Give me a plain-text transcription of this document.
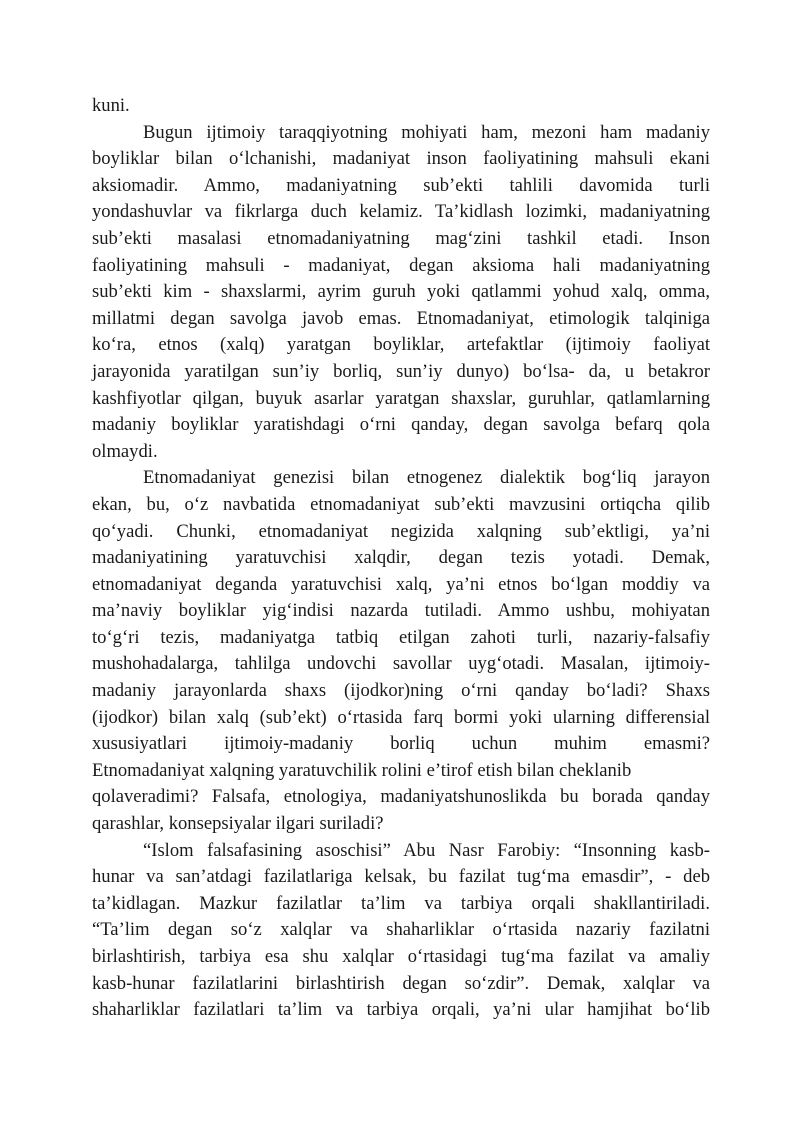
kuni.
Bugun ijtimoiy taraqqiyotning mohiyati ham, mezoni ham madaniy
boyliklar bilan o‘lchanishi, madaniyat inson faoliyatining mahsuli ekani
aksiomadir. Ammo, madaniyatning sub’ekti tahlili davomida turli
yondashuvlar va fikrlarga duch kelamiz. Ta’kidlash lozimki, madaniyatning
sub’ekti masalasi etnomadaniyatning mag‘zini tashkil etadi. Inson
faoliyatining mahsuli - madaniyat, degan aksioma hali madaniyatning
sub’ekti kim - shaxslarmi, ayrim guruh yoki qatlammi yohud xalq, omma,
millatmi degan savolga javob emas. Etnomadaniyat, etimologik talqiniga
ko‘ra, etnos (xalq) yaratgan boyliklar, artefaktlar (ijtimoiy faoliyat
jarayonida yaratilgan sun’iy borliq, sun’iy dunyo) bo‘lsa- da, u betakror
kashfiyotlar qilgan, buyuk asarlar yaratgan shaxslar, guruhlar, qatlamlarning
madaniy boyliklar yaratishdagi o‘rni qanday, degan savolga befarq qola
olmaydi.
Etnomadaniyat genezisi bilan etnogenez dialektik bog‘liq jarayon
ekan, bu, o‘z navbatida etnomadaniyat sub’ekti mavzusini ortiqcha qilib
qo‘yadi. Chunki, etnomadaniyat negizida xalqning sub’ektligi, ya’ni
madaniyatining yaratuvchisi xalqdir, degan tezis yotadi. Demak,
etnomadaniyat deganda yaratuvchisi xalq, ya’ni etnos bo‘lgan moddiy va
ma’naviy boyliklar yig‘indisi nazarda tutiladi. Ammo ushbu, mohiyatan
to‘g‘ri tezis, madaniyatga tatbiq etilgan zahoti turli, nazariy-falsafiy
mushohadalarga, tahlilga undovchi savollar uyg‘otadi. Masalan, ijtimoiy-
madaniy jarayonlarda shaxs (ijodkor)ning o‘rni qanday bo‘ladi? Shaxs
(ijodkor) bilan xalq (sub’ekt) o‘rtasida farq bormi yoki ularning differensial
xususiyatlari ijtimoiy-madaniy borliq uchun muhim emasmi?
Etnomadaniyat xalqning yaratuvchilik rolini e’tirof etish bilan cheklanib
qolaveradimi? Falsafa, etnologiya, madaniyatshunoslikda bu borada qanday
qarashlar, konsepsiyalar ilgari suriladi?
“Islom falsafasining asoschisi” Abu Nasr Farobiy: “Insonning kasb-
hunar va san’atdagi fazilatlariga kelsak, bu fazilat tug‘ma emasdir”, - deb
ta’kidlagan. Mazkur fazilatlar ta’lim va tarbiya orqali shakllantiriladi.
“Ta’lim degan so‘z xalqlar va shaharliklar o‘rtasida nazariy fazilatni
birlashtirish, tarbiya esa shu xalqlar o‘rtasidagi tug‘ma fazilat va amaliy
kasb-hunar fazilatlarini birlashtirish degan so‘zdir”. Demak, xalqlar va
shaharliklar fazilatlari ta’lim va tarbiya orqali, ya’ni ular hamjihat bo‘lib
